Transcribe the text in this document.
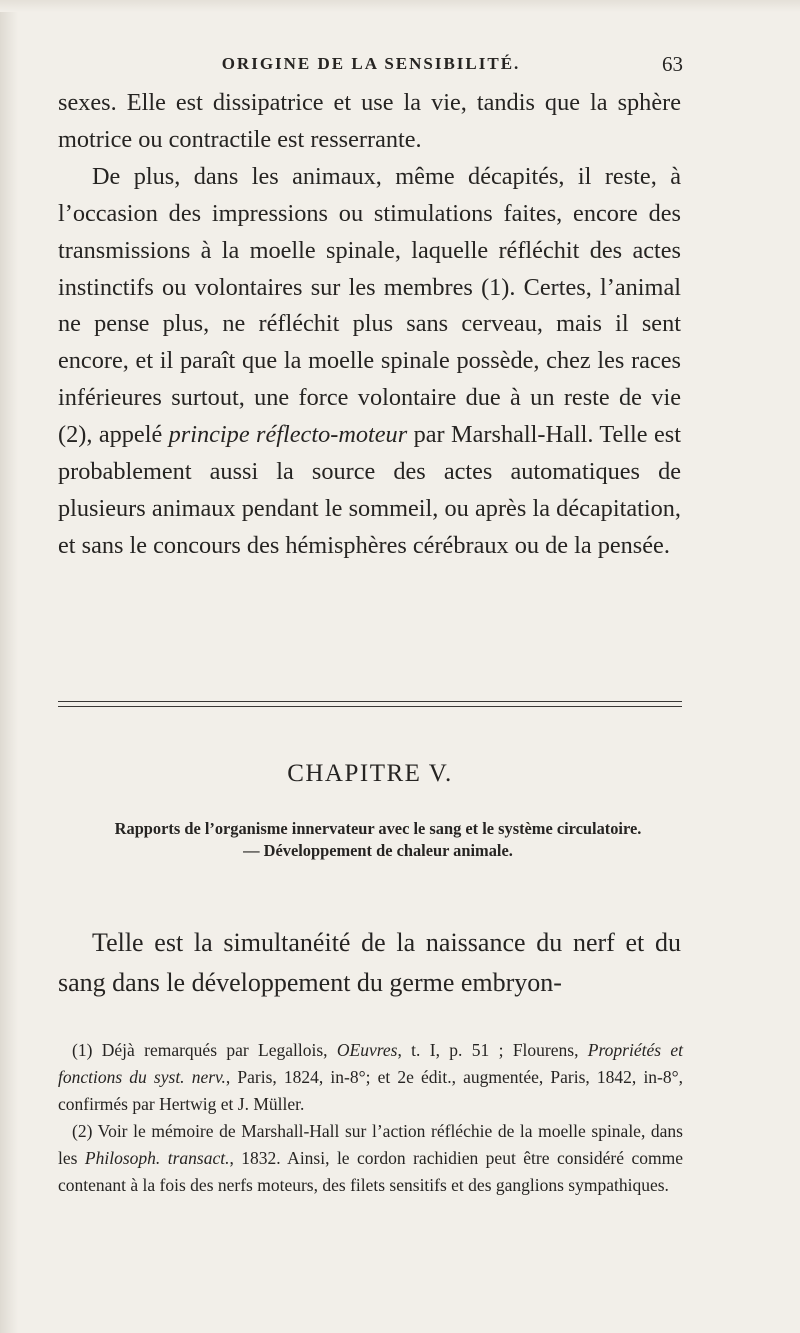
ORIGINE DE LA SENSIBILITÉ.	63

sexes. Elle est dissipatrice et use la vie, tandis que la sphère motrice ou contractile est resserrante.

De plus, dans les animaux, même décapités, il reste, à l’occasion des impressions ou stimulations faites, encore des transmissions à la moelle spinale, laquelle réfléchit des actes instinctifs ou volontaires sur les membres (1). Certes, l’animal ne pense plus, ne réfléchit plus sans cerveau, mais il sent encore, et il paraît que la moelle spinale possède, chez les races inférieures surtout, une force volontaire due à un reste de vie (2), appelé principe réflecto-moteur par Marshall-Hall. Telle est probablement aussi la source des actes automatiques de plusieurs animaux pendant le sommeil, ou après la décapitation, et sans le concours des hémisphères cérébraux ou de la pensée.

CHAPITRE V.
Rapports de l’organisme innervateur avec le sang et le système circulatoire. — Développement de chaleur animale.

Telle est la simultanéité de la naissance du nerf et du sang dans le développement du germe embryon-

(1) Déjà remarqués par Legallois, OEuvres, t. I, p. 51 ; Flourens, Propriétés et fonctions du syst. nerv., Paris, 1824, in-8°; et 2e édit., augmentée, Paris, 1842, in-8°, confirmés par Hertwig et J. Müller.

(2) Voir le mémoire de Marshall-Hall sur l’action réfléchie de la moelle spinale, dans les Philosoph. transact., 1832. Ainsi, le cordon rachidien peut être considéré comme contenant à la fois des nerfs moteurs, des filets sensitifs et des ganglions sympathiques.
